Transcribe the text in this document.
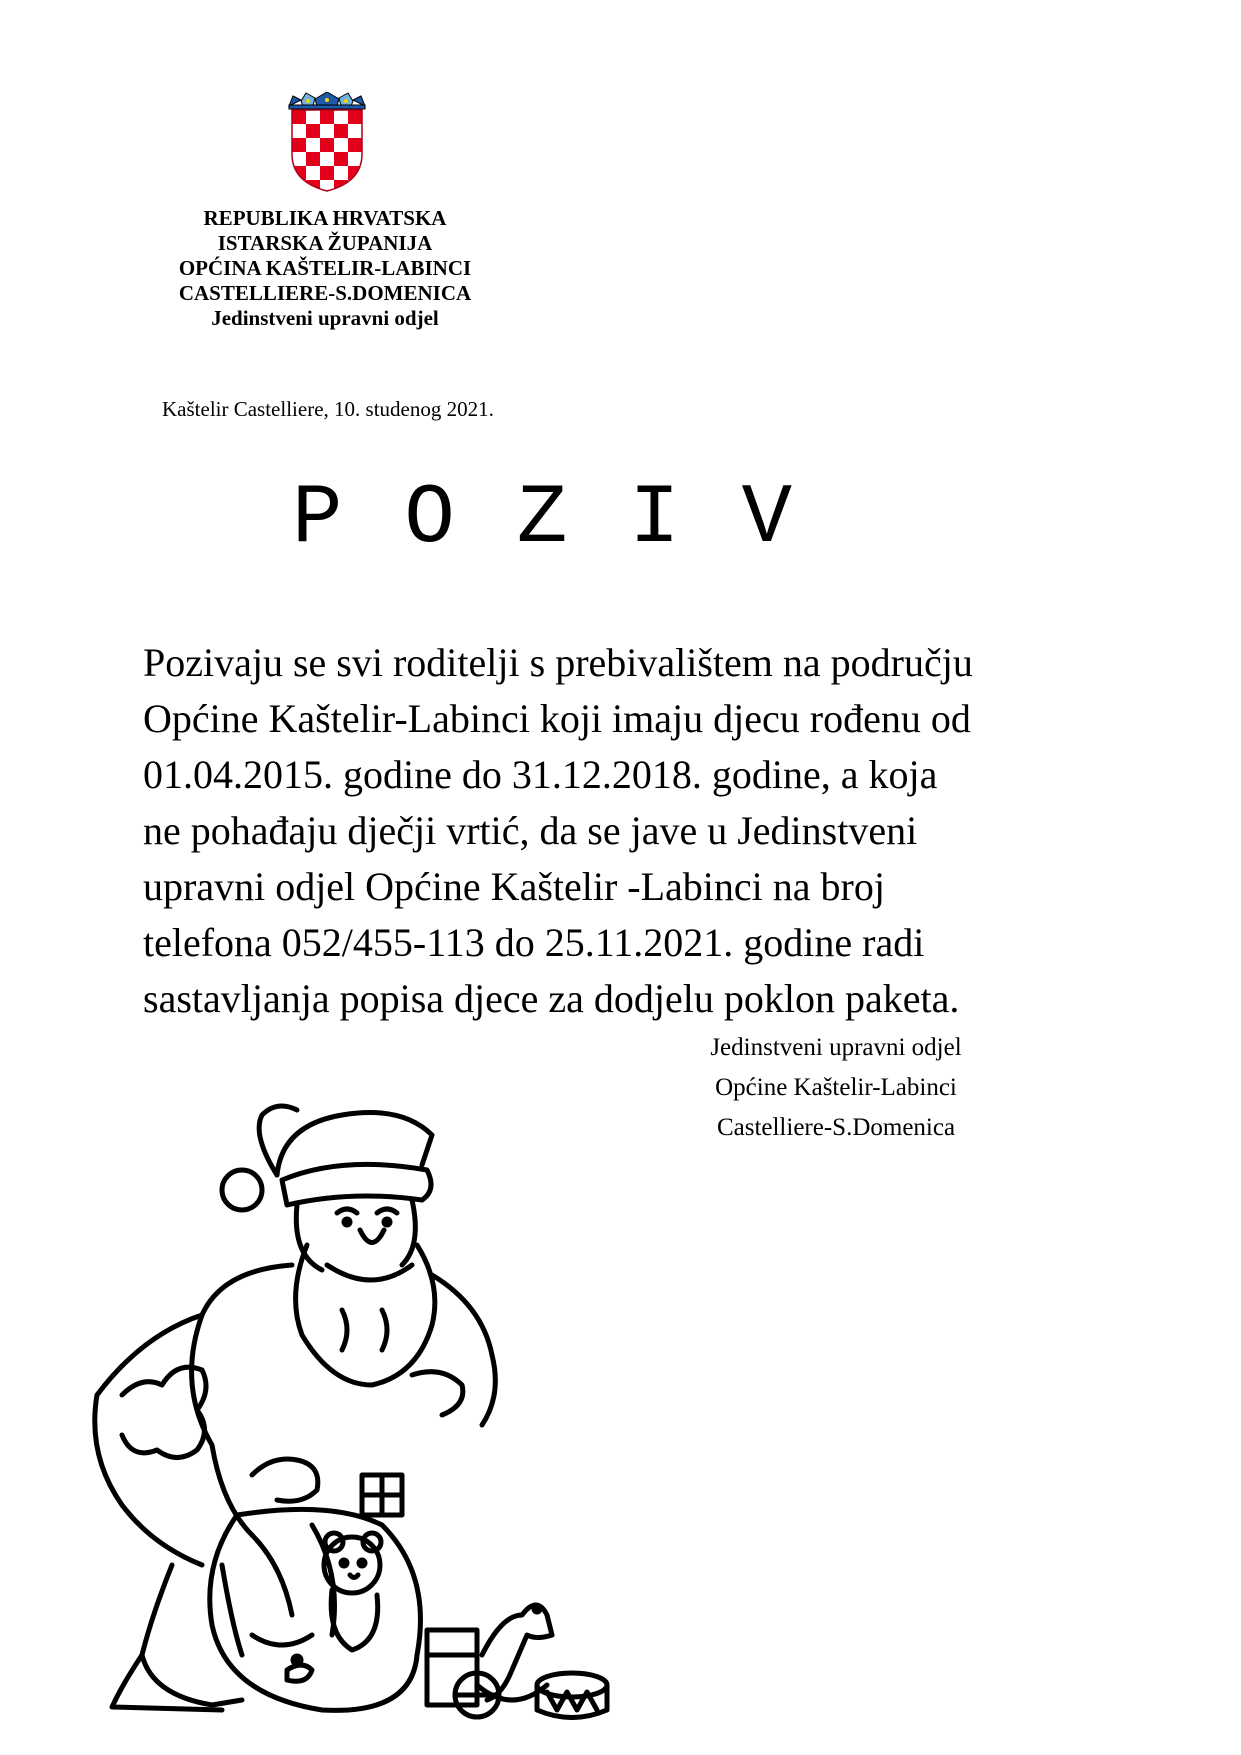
REPUBLIKA HRVATSKA
ISTARSKA ŽUPANIJA
OPĆINA KAŠTELIR-LABINCI
CASTELLIERE-S.DOMENICA
Jedinstveni upravni odjel
Kaštelir Castelliere, 10. studenog 2021.
POZIV
Pozivaju se svi roditelji s prebivalištem na području
Općine Kaštelir-Labinci koji imaju djecu rođenu od
01.04.2015. godine do 31.12.2018. godine, a koja
ne pohađaju dječji vrtić, da se jave u Jedinstveni
upravni odjel Općine Kaštelir -Labinci na broj
telefona 052/455-113 do 25.11.2021. godine radi
sastavljanja popisa djece za dodjelu poklon paketa.
Jedinstveni upravni odjel
Općine Kaštelir-Labinci
Castelliere-S.Domenica
